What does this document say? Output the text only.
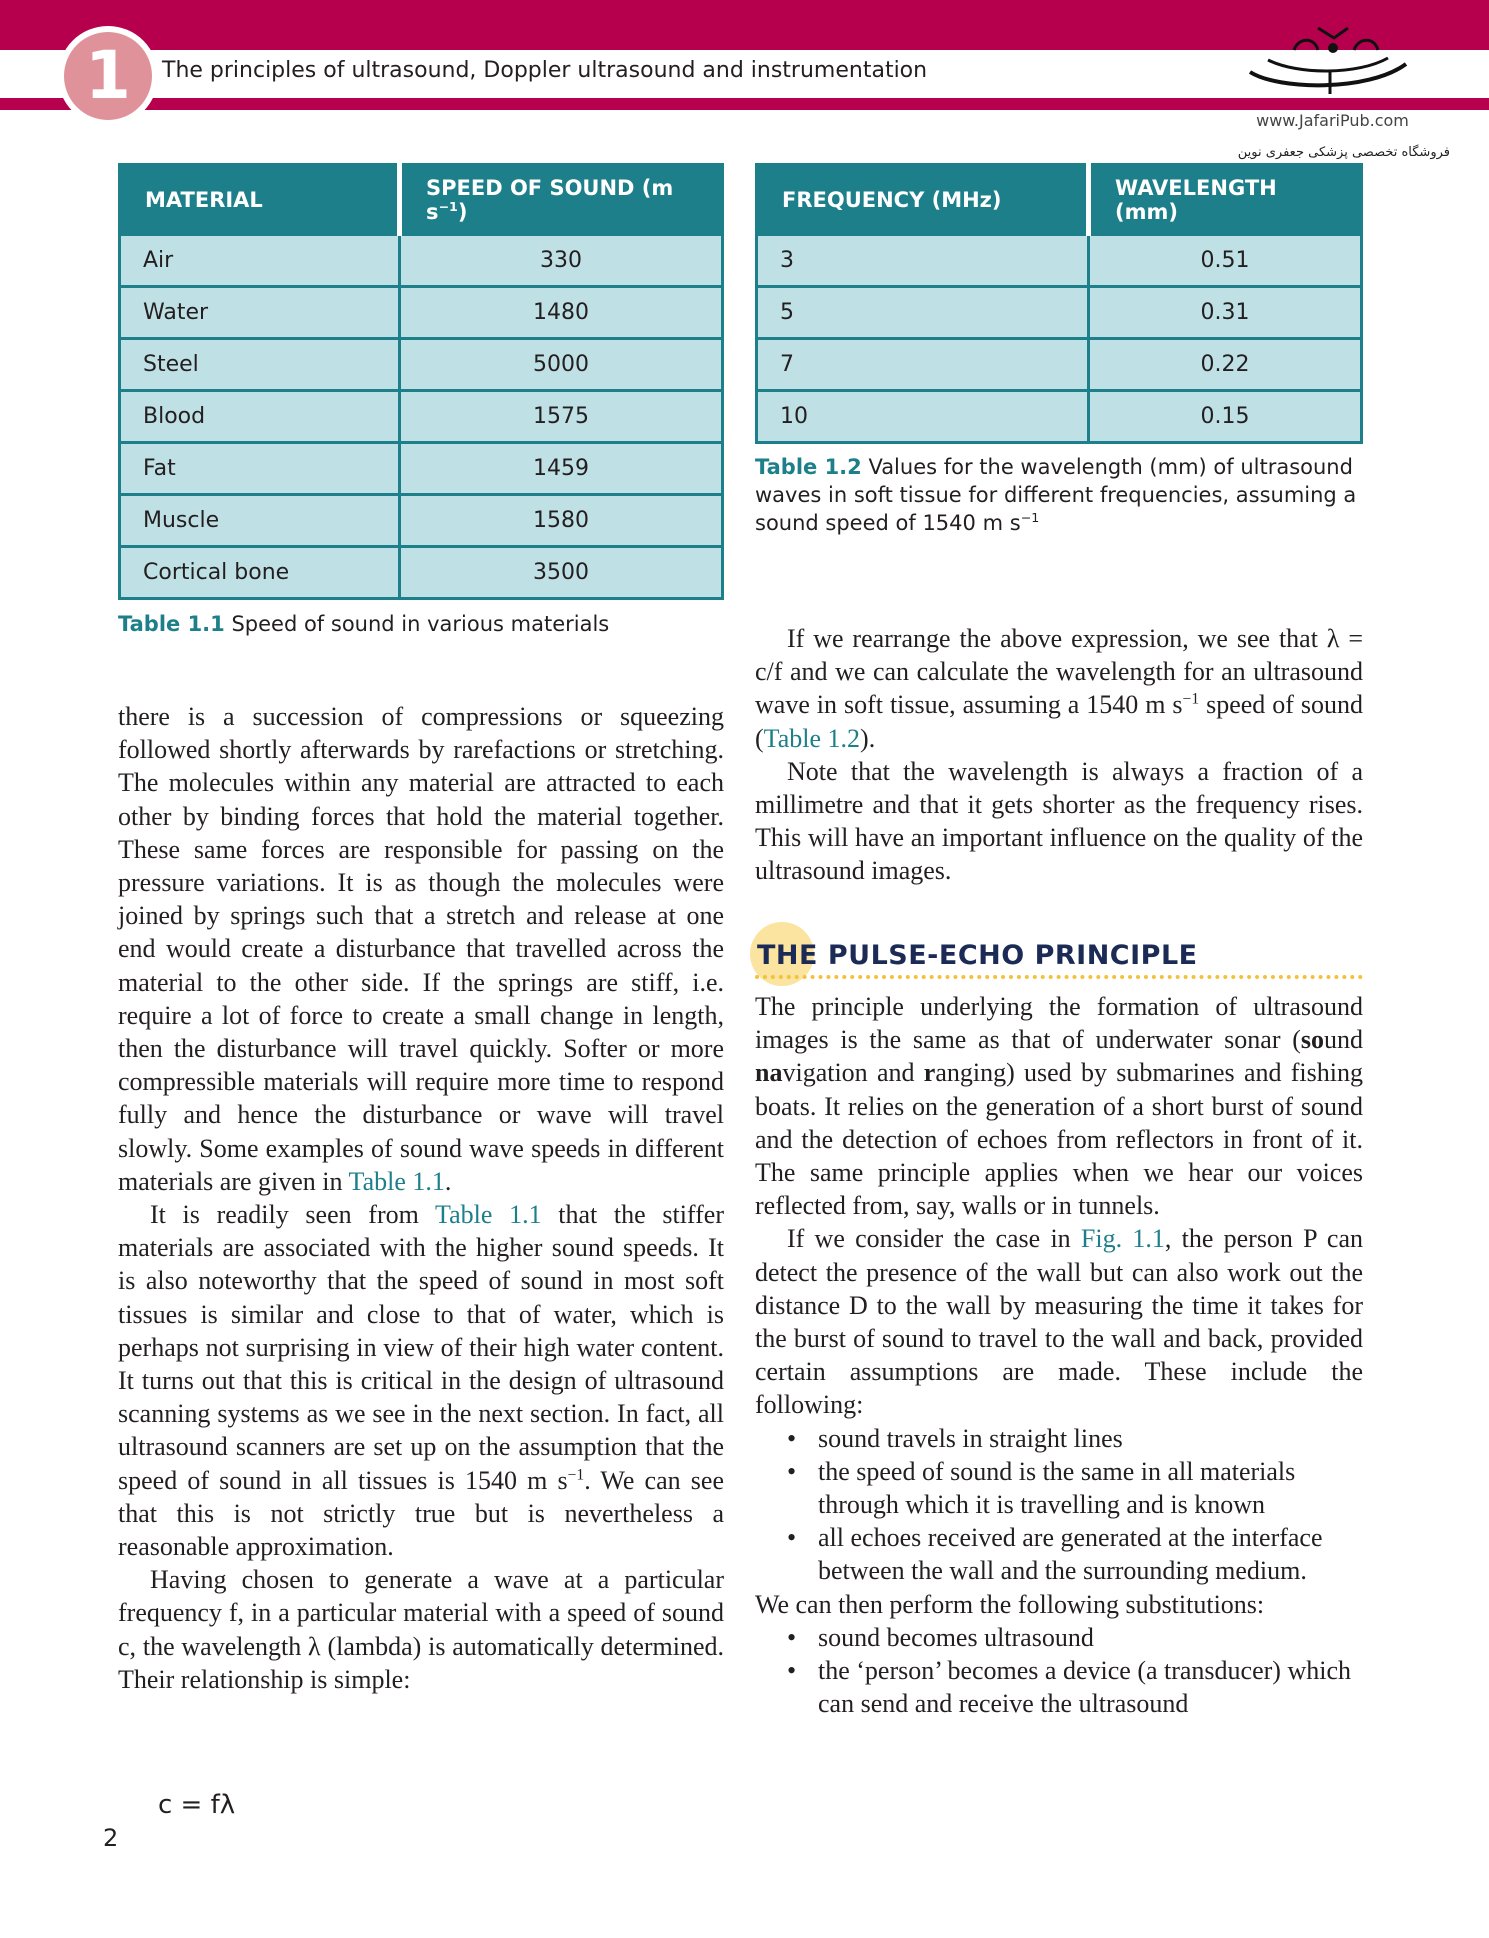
1	The principles of ultrasound, Doppler ultrasound and instrumentation
www.JafariPub.com
فروشگاه تخصصی پزشکی جعفری نوین
MATERIAL	SPEED OF SOUND (m $s^{-1}$)
Air	330
Water	1480
Steel	5000
Blood	1575
Fat	1459
Muscle	1580
Cortical bone	3500
Table 1.1 Speed of sound in various materials
FREQUENCY (MHz)	WAVELENGTH (mm)
3	0.51
5	0.31
7	0.22
10	0.15
Table 1.2 Values for the wavelength (mm) of ultrasound waves in soft tissue for different frequencies, assuming a sound speed of 1540 m $s^{-1}$

there is a succession of compressions or squeezing followed shortly afterwards by rarefactions or stretching. The molecules within any material are attracted to each other by binding forces that hold the material together. These same forces are responsible for passing on the pressure variations. It is as though the molecules were joined by springs such that a stretch and release at one end would create a disturbance that travelled across the material to the other side. If the springs are stiff, i.e. require a lot of force to create a small change in length, then the disturbance will travel quickly. Softer or more compressible materials will require more time to respond fully and hence the disturbance or wave will travel slowly. Some examples of sound wave speeds in different materials are given in Table 1.1.

It is readily seen from Table 1.1 that the stiffer materials are associated with the higher sound speeds. It is also noteworthy that the speed of sound in most soft tissues is similar and close to that of water, which is perhaps not surprising in view of their high water content. It turns out that this is critical in the design of ultrasound scanning systems as we see in the next section. In fact, all ultrasound scanners are set up on the assumption that the speed of sound in all tissues is 1540 m $s^{-1}$. We can see that this is not strictly true but is nevertheless a reasonable approximation.

Having chosen to generate a wave at a particular frequency f, in a particular material with a speed of sound c, the wavelength λ (lambda) is automatically determined. Their relationship is simple:

c = fλ

If we rearrange the above expression, we see that λ = c/f and we can calculate the wavelength for an ultrasound wave in soft tissue, assuming a 1540 m $s^{-1}$ speed of sound (Table 1.2).

Note that the wavelength is always a fraction of a millimetre and that it gets shorter as the frequency rises. This will have an important influence on the quality of the ultrasound images.

THE PULSE-ECHO PRINCIPLE

The principle underlying the formation of ultrasound images is the same as that of underwater sonar (sound navigation and ranging) used by submarines and fishing boats. It relies on the generation of a short burst of sound and the detection of echoes from reflectors in front of it. The same principle applies when we hear our voices reflected from, say, walls or in tunnels.

If we consider the case in Fig. 1.1, the person P can detect the presence of the wall but can also work out the distance D to the wall by measuring the time it takes for the burst of sound to travel to the wall and back, provided certain assumptions are made. These include the following:

• sound travels in straight lines
• the speed of sound is the same in all materials through which it is travelling and is known
• all echoes received are generated at the interface between the wall and the surrounding medium.

We can then perform the following substitutions:

• sound becomes ultrasound
• the ‘person’ becomes a device (a transducer) which can send and receive the ultrasound
2
